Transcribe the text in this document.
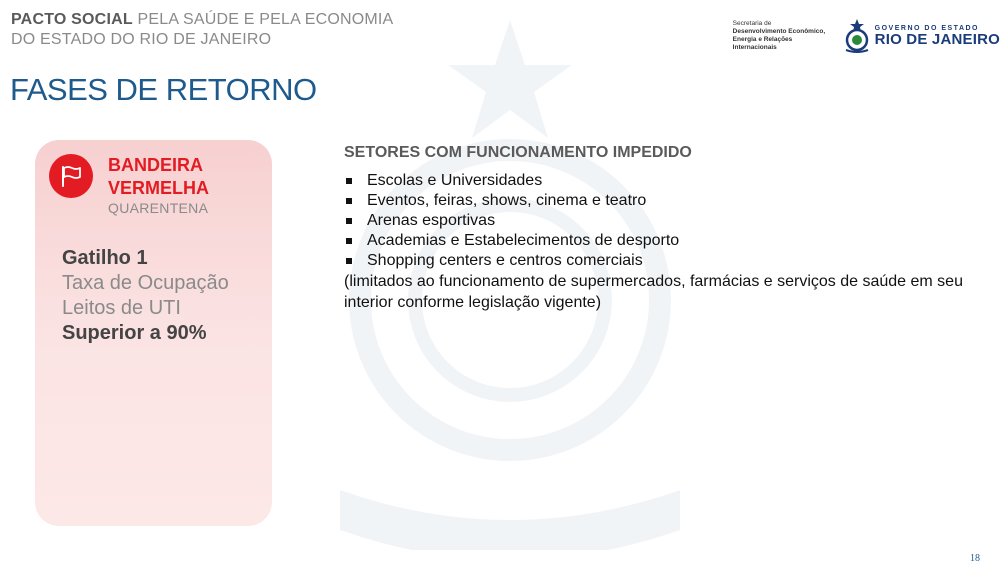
PACTO SOCIAL PELA SAÚDE E PELA ECONOMIA
DO ESTADO DO RIO DE JANEIRO
Secretaria de
Desenvolvimento Econômico,
Energia e Relações Internacionais
GOVERNO DO ESTADO
RIO DE JANEIRO
FASES DE RETORNO
BANDEIRA
VERMELHA
QUARENTENA
Gatilho 1
Taxa de Ocupação
Leitos de UTI
Superior a 90%
SETORES COM FUNCIONAMENTO IMPEDIDO
Escolas e Universidades
Eventos, feiras, shows, cinema e teatro
Arenas esportivas
Academias e Estabelecimentos de desporto
Shopping centers e centros comerciais
(limitados ao funcionamento de supermercados, farmácias e serviços de saúde em seu interior conforme legislação vigente)
18
